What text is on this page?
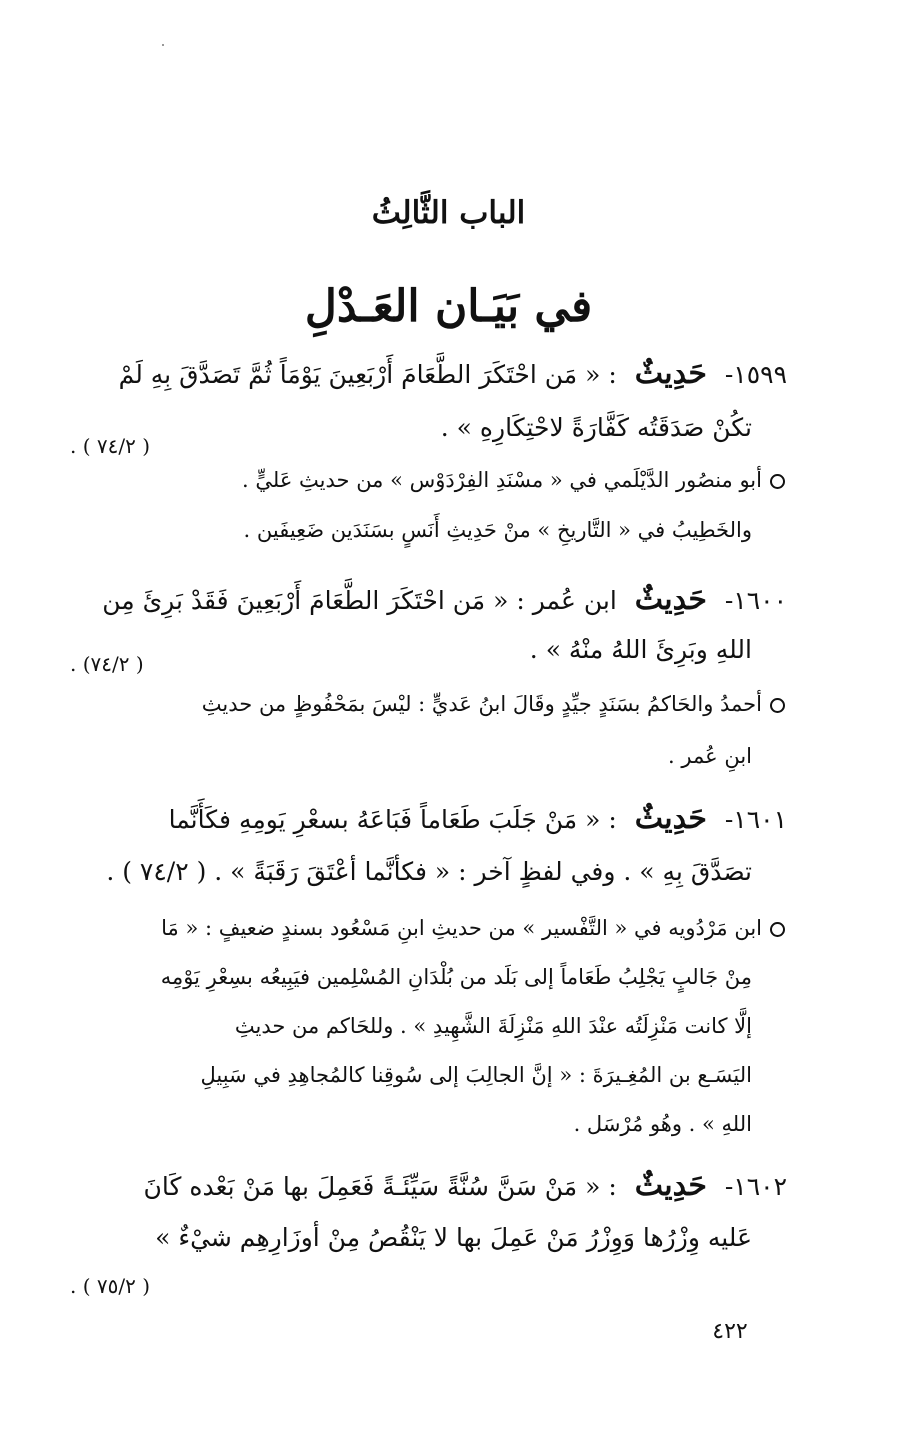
الباب الثَّالِثُ
في بَيَـان العَـدْلِ
١٥٩٩- حَدِيثٌ : « مَن احْتَكَرَ الطَّعَامَ أَرْبَعِينَ يَوْمَاً ثُمَّ تَصَدَّقَ بِهِ لَمْ
تكُنْ صَدَقَتُه كَفَّارَةً لاحْتِكَارِهِ » .
( ٧٤/٢ ) .
أبو منصُور الدَّيْلَمي في « مسْنَدِ الفِرْدَوْس » من حديثِ عَليٍّ .
والخَطِيبُ في « التَّاريخِ » منْ حَدِيثِ أَنَسٍ بسَنَدَين ضَعِيفَين .
١٦٠٠- حَدِيثٌ ابن عُمر : « مَن احْتَكَرَ الطَّعَامَ أَرْبَعِينَ فَقَدْ بَرِئَ مِن
اللهِ وبَرِئَ اللهُ منْهُ » .
( ٧٤/٢) .
أحمدُ والحَاكمُ بسَنَدٍ جيِّدٍ وقَالَ ابنُ عَديٍّ : ليْسَ بمَحْفُوظٍ من حديثِ
ابنِ عُمر .
١٦٠١- حَدِيثٌ : « مَنْ جَلَبَ طَعَاماً فَبَاعَهُ بسعْرِ يَومِهِ فكَأَنَّما
تصَدَّقَ بِهِ » . وفي لفظٍ آخر : « فكأنَّما أعْتَقَ رَقَبَةً » . ( ٧٤/٢ ) .
ابن مَرْدُويه في « التَّفْسير » من حديثِ ابنِ مَسْعُود بسندٍ ضعيفٍ : « مَا
مِنْ جَالبٍ يَجْلِبُ طَعَاماً إلى بَلَد من بُلْدَانِ المُسْلِمين فيَبِيعُه بسِعْرِ يَوْمِه
إلَّا كانت مَنْزِلَتُه عنْدَ اللهِ مَنْزِلَةَ الشَّهِيدِ » . وللحَاكم من حديثِ
اليَسَـع بن المُغِـيرَةَ : « إنَّ الجالِبَ إلى سُوقِنا كالمُجاهِدِ في سَبِيلِ
اللهِ » . وهُو مُرْسَل .
١٦٠٢- حَدِيثٌ : « مَنْ سَنَّ سُنَّةً سَيِّئَـةً فَعَمِلَ بها مَنْ بَعْده كَانَ
عَليه وِزْرُها وَوِزْرُ مَنْ عَمِلَ بها لا يَنْقُصُ مِنْ أوزَارِهِم شيْءٌ »
( ٧٥/٢ ) .
٤٢٢
